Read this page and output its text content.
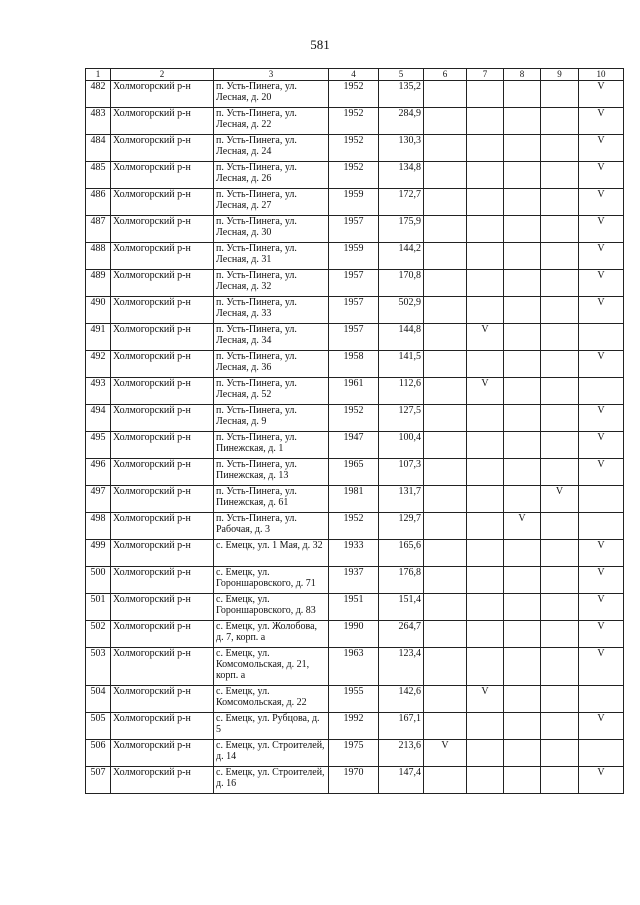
581
1	2	3	4	5	6	7	8	9	10
482	Холмогорский р-н	п. Усть-Пинега, ул. Лесная, д. 20	1952	135,2					V
483	Холмогорский р-н	п. Усть-Пинега, ул. Лесная, д. 22	1952	284,9					V
484	Холмогорский р-н	п. Усть-Пинега, ул. Лесная, д. 24	1952	130,3					V
485	Холмогорский р-н	п. Усть-Пинега, ул. Лесная, д. 26	1952	134,8					V
486	Холмогорский р-н	п. Усть-Пинега, ул. Лесная, д. 27	1959	172,7					V
487	Холмогорский р-н	п. Усть-Пинега, ул. Лесная, д. 30	1957	175,9					V
488	Холмогорский р-н	п. Усть-Пинега, ул. Лесная, д. 31	1959	144,2					V
489	Холмогорский р-н	п. Усть-Пинега, ул. Лесная, д. 32	1957	170,8					V
490	Холмогорский р-н	п. Усть-Пинега, ул. Лесная, д. 33	1957	502,9					V
491	Холмогорский р-н	п. Усть-Пинега, ул. Лесная, д. 34	1957	144,8		V			
492	Холмогорский р-н	п. Усть-Пинега, ул. Лесная, д. 36	1958	141,5					V
493	Холмогорский р-н	п. Усть-Пинега, ул. Лесная, д. 52	1961	112,6		V			
494	Холмогорский р-н	п. Усть-Пинега, ул. Лесная, д. 9	1952	127,5					V
495	Холмогорский р-н	п. Усть-Пинега, ул. Пинежская, д. 1	1947	100,4					V
496	Холмогорский р-н	п. Усть-Пинега, ул. Пинежская, д. 13	1965	107,3					V
497	Холмогорский р-н	п. Усть-Пинега, ул. Пинежская, д. 61	1981	131,7				V	
498	Холмогорский р-н	п. Усть-Пинега, ул. Рабочая, д. 3	1952	129,7			V		
499	Холмогорский р-н	с. Емецк, ул. 1 Мая, д. 32	1933	165,6					V
500	Холмогорский р-н	с. Емецк, ул. Гороншаровского, д. 71	1937	176,8					V
501	Холмогорский р-н	с. Емецк, ул. Гороншаровского, д. 83	1951	151,4					V
502	Холмогорский р-н	с. Емецк, ул. Жолобова, д. 7, корп. а	1990	264,7					V
503	Холмогорский р-н	с. Емецк, ул. Комсомольская, д. 21, корп. а	1963	123,4					V
504	Холмогорский р-н	с. Емецк, ул. Комсомольская, д. 22	1955	142,6		V			
505	Холмогорский р-н	с. Емецк, ул. Рубцова, д. 5	1992	167,1					V
506	Холмогорский р-н	с. Емецк, ул. Строителей, д. 14	1975	213,6	V				
507	Холмогорский р-н	с. Емецк, ул. Строителей, д. 16	1970	147,4					V
